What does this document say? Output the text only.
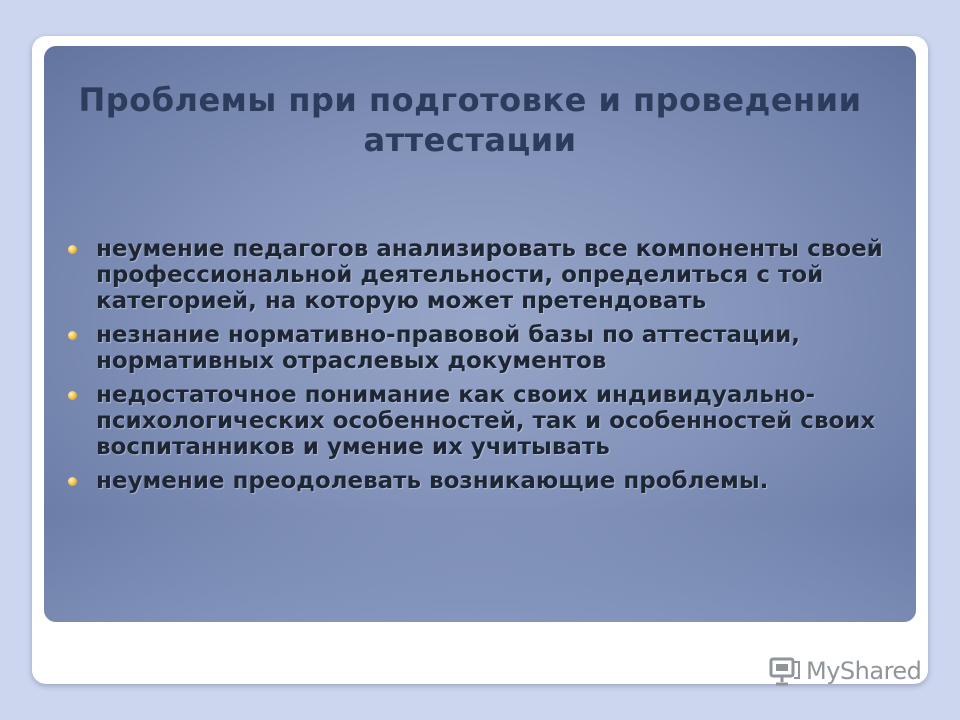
Проблемы при подготовке и проведении аттестации
неумение педагогов анализировать все компоненты своей профессиональной деятельности, определиться с той категорией, на которую может претендовать
незнание нормативно-правовой базы по аттестации, нормативных отраслевых документов
недостаточное понимание как своих индивидуально-психологических особенностей, так и особенностей своих воспитанников и умение их учитывать
неумение преодолевать возникающие проблемы.
MyShared
